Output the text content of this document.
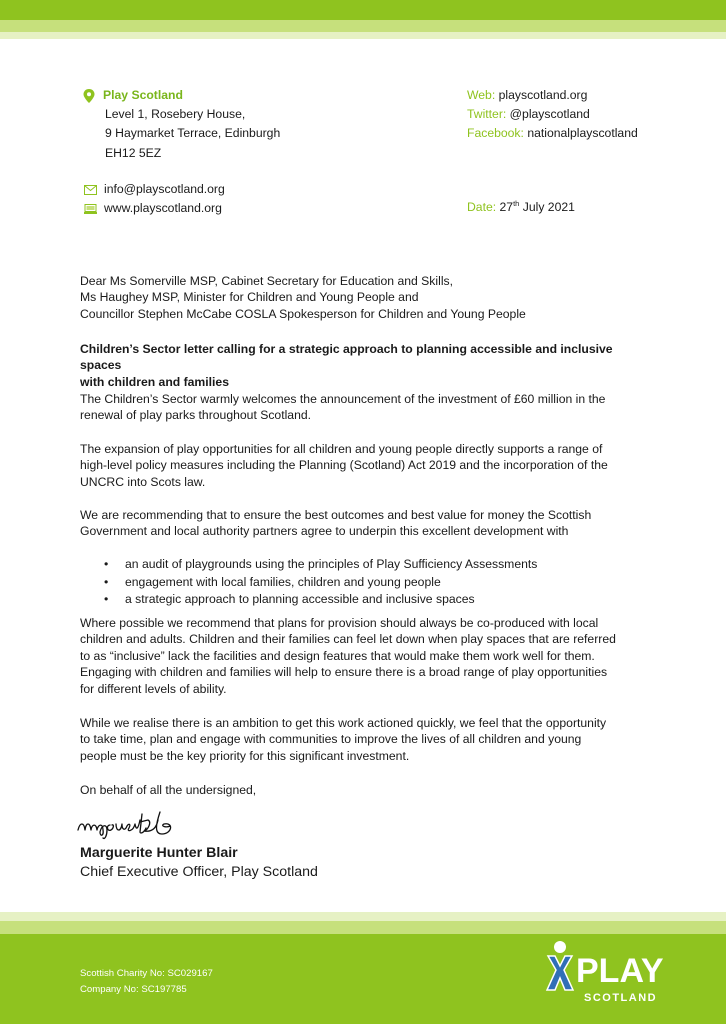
Play Scotland
Level 1, Rosebery House,
9 Haymarket Terrace, Edinburgh
EH12 5EZ
info@playscotland.org
www.playscotland.org
Web: playscotland.org
Twitter: @playscotland
Facebook: nationalplayscotland
Date: 27th July 2021
Dear Ms Somerville MSP, Cabinet Secretary for Education and Skills,
Ms Haughey MSP, Minister for Children and Young People and
Councillor Stephen McCabe COSLA Spokesperson for Children and Young People
Children’s Sector letter calling for a strategic approach to planning accessible and inclusive spaces
with children and families
The Children’s Sector warmly welcomes the announcement of the investment of £60 million in the
renewal of play parks throughout Scotland.
The expansion of play opportunities for all children and young people directly supports a range of
high-level policy measures including the Planning (Scotland) Act 2019 and the incorporation of the
UNCRC into Scots law.
We are recommending that to ensure the best outcomes and best value for money the Scottish
Government and local authority partners agree to underpin this excellent development with
• an audit of playgrounds using the principles of Play Sufficiency Assessments
• engagement with local families, children and young people
• a strategic approach to planning accessible and inclusive spaces
Where possible we recommend that plans for provision should always be co-produced with local
children and adults. Children and their families can feel let down when play spaces that are referred
to as “inclusive” lack the facilities and design features that would make them work well for them.
Engaging with children and families will help to ensure there is a broad range of play opportunities
for different levels of ability.
While we realise there is an ambition to get this work actioned quickly, we feel that the opportunity
to take time, plan and engage with communities to improve the lives of all children and young
people must be the key priority for this significant investment.
On behalf of all the undersigned,
Marguerite Hunter Blair
Chief Executive Officer, Play Scotland
Scottish Charity No: SC029167
Company No: SC197785	PLAY
SCOTLAND
